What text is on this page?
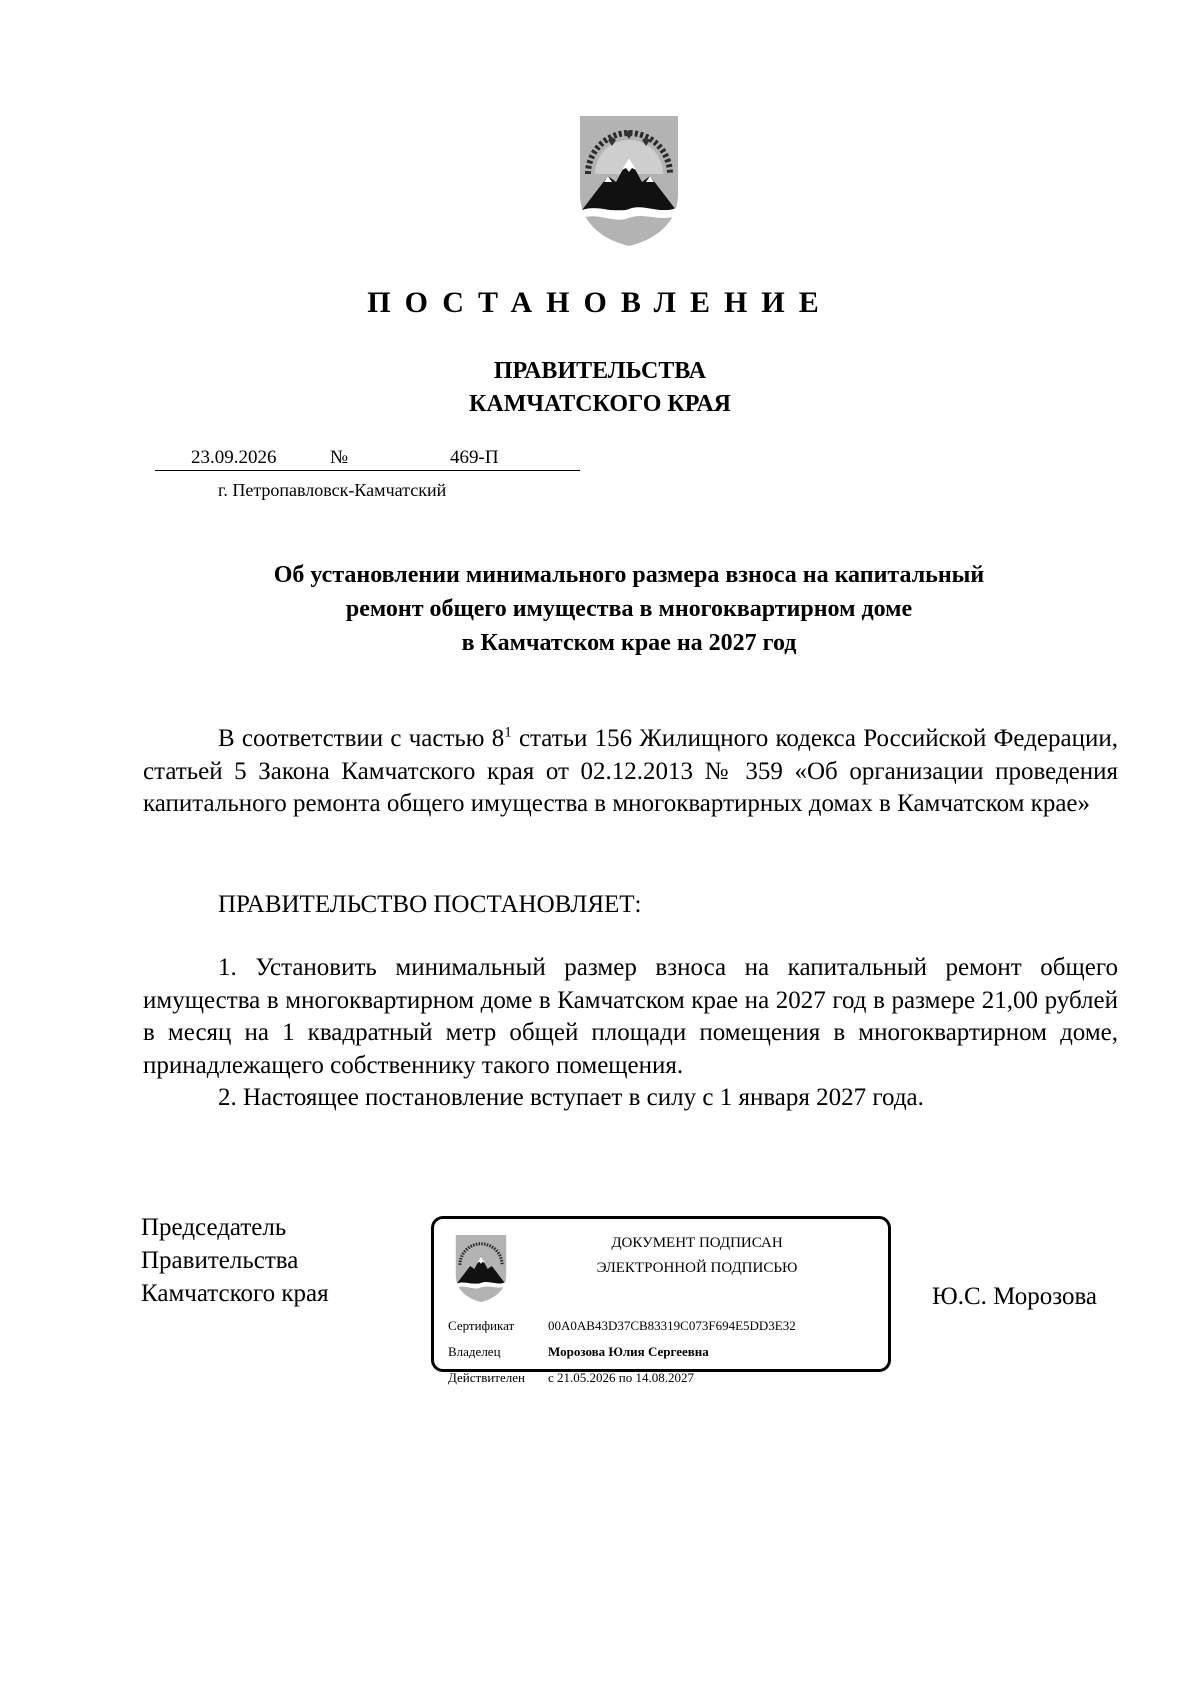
ПОСТАНОВЛЕНИЕ
ПРАВИТЕЛЬСТВА
КАМЧАТСКОГО КРАЯ
23.09.2026	№	469-П
г. Петропавловск-Камчатский
Об установлении минимального размера взноса на капитальный
ремонт общего имущества в многоквартирном доме
в Камчатском крае на 2027 год
В соответствии с частью $8^1$ статьи 156 Жилищного кодекса Российской Федерации, статьей 5 Закона Камчатского края от 02.12.2013 № 359 «Об организации проведения капитального ремонта общего имущества в многоквартирных домах в Камчатском крае»
ПРАВИТЕЛЬСТВО ПОСТАНОВЛЯЕТ:
1. Установить минимальный размер взноса на капитальный ремонт общего имущества в многоквартирном доме в Камчатском крае на 2027 год в размере 21,00 рублей в месяц на 1 квадратный метр общей площади помещения в многоквартирном доме, принадлежащего собственнику такого помещения.
2. Настоящее постановление вступает в силу с 1 января 2027 года.
Председатель
Правительства
Камчатского края
ДОКУМЕНТ ПОДПИСАН
ЭЛЕКТРОННОЙ ПОДПИСЬЮ
Сертификат	00A0AB43D37CB83319C073F694E5DD3E32
Владелец	Морозова Юлия Сергеевна
Действителен с 21.05.2026 по 14.08.2027
Ю.С. Морозова
